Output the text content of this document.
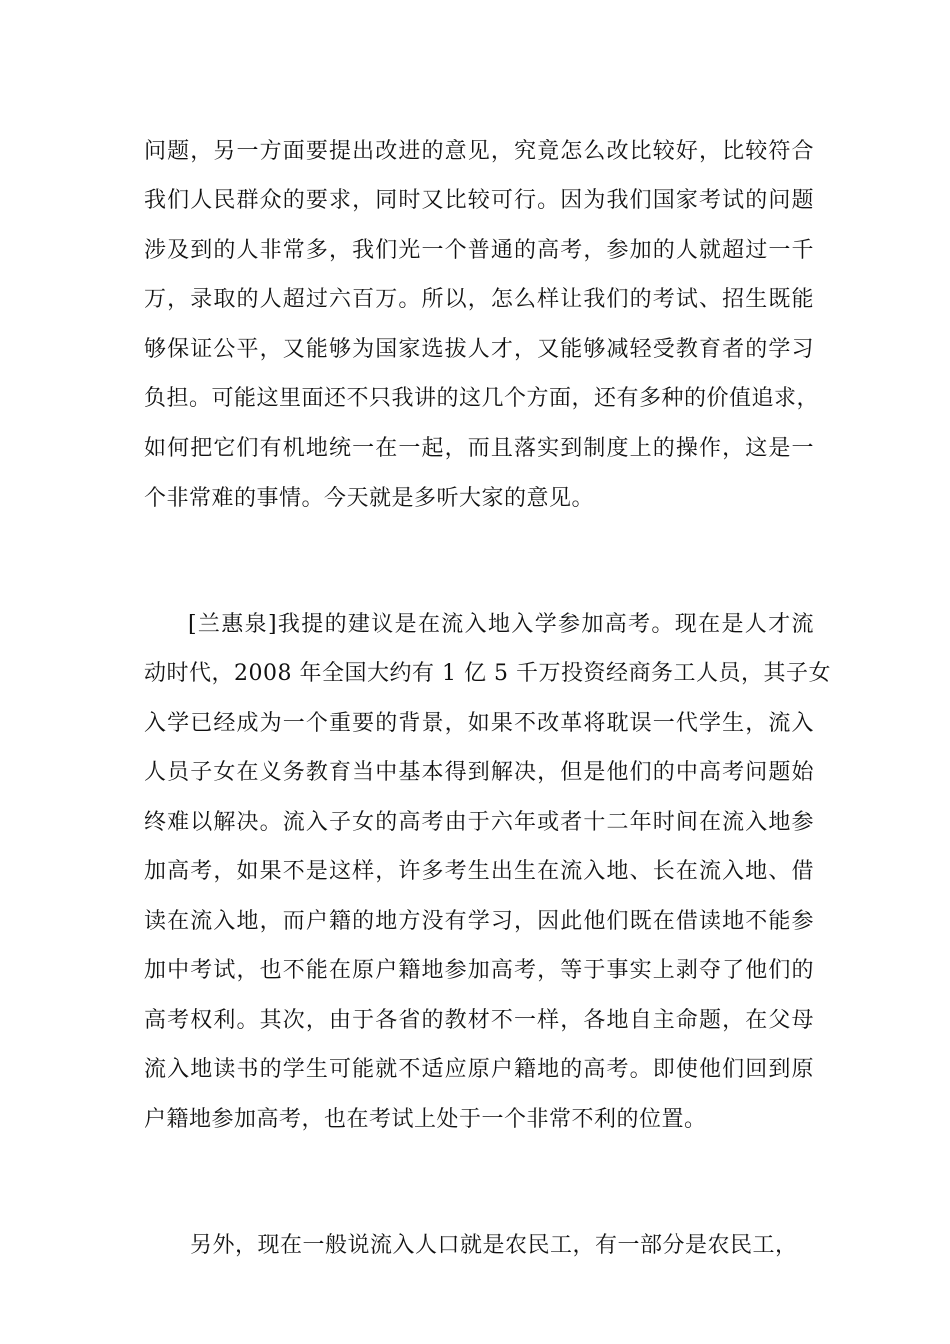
问题，另一方面要提出改进的意见，究竟怎么改比较好，比较符合
我们人民群众的要求，同时又比较可行。因为我们国家考试的问题
涉及到的人非常多，我们光一个普通的高考，参加的人就超过一千
万，录取的人超过六百万。所以，怎么样让我们的考试、招生既能
够保证公平，又能够为国家选拔人才，又能够减轻受教育者的学习
负担。可能这里面还不只我讲的这几个方面，还有多种的价值追求，
如何把它们有机地统一在一起，而且落实到制度上的操作，这是一
个非常难的事情。今天就是多听大家的意见。
[兰惠泉]我提的建议是在流入地入学参加高考。现在是人才流
动时代，2008 年全国大约有 1 亿 5 千万投资经商务工人员，其子女
入学已经成为一个重要的背景，如果不改革将耽误一代学生，流入
人员子女在义务教育当中基本得到解决，但是他们的中高考问题始
终难以解决。流入子女的高考由于六年或者十二年时间在流入地参
加高考，如果不是这样，许多考生出生在流入地、长在流入地、借
读在流入地，而户籍的地方没有学习，因此他们既在借读地不能参
加中考试，也不能在原户籍地参加高考，等于事实上剥夺了他们的
高考权利。其次，由于各省的教材不一样，各地自主命题，在父母
流入地读书的学生可能就不适应原户籍地的高考。即使他们回到原
户籍地参加高考，也在考试上处于一个非常不利的位置。
另外，现在一般说流入人口就是农民工，有一部分是农民工，
